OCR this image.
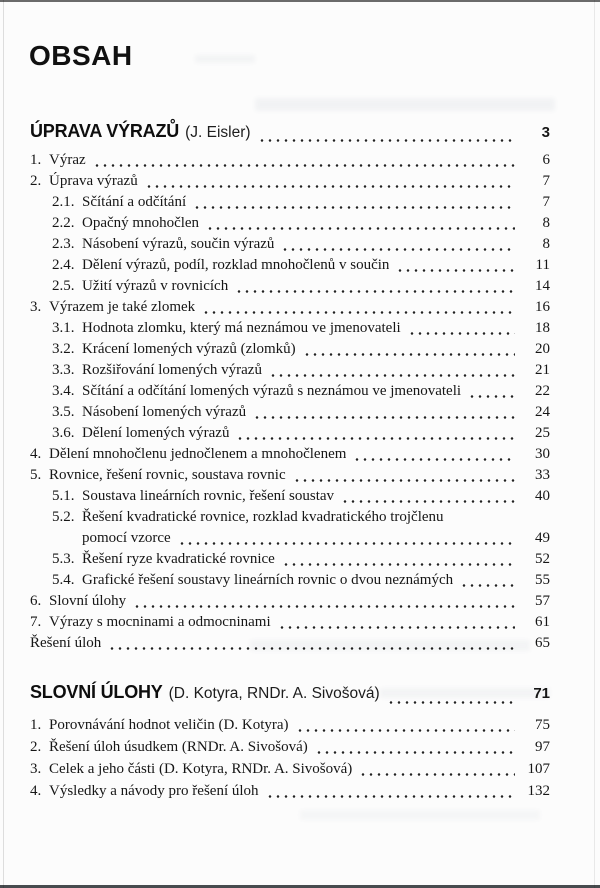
OBSAH
ÚPRAVA VÝRAZŮ (J. Eisler)	3
1. Výraz	6
2. Úprava výrazů	7
2.1. Sčítání a odčítání	7
2.2. Opačný mnohočlen	8
2.3. Násobení výrazů, součin výrazů	8
2.4. Dělení výrazů, podíl, rozklad mnohočlenů v součin	11
2.5. Užití výrazů v rovnicích	14
3. Výrazem je také zlomek	16
3.1. Hodnota zlomku, který má neznámou ve jmenovateli	18
3.2. Krácení lomených výrazů (zlomků)	20
3.3. Rozšiřování lomených výrazů	21
3.4. Sčítání a odčítání lomených výrazů s neznámou ve jmenovateli	22
3.5. Násobení lomených výrazů	24
3.6. Dělení lomených výrazů	25
4. Dělení mnohočlenu jednočlenem a mnohočlenem	30
5. Rovnice, řešení rovnic, soustava rovnic	33
5.1. Soustava lineárních rovnic, řešení soustav	40
5.2. Řešení kvadratické rovnice, rozklad kvadratického trojčlenu
pomocí vzorce	49
5.3. Řešení ryze kvadratické rovnice	52
5.4. Grafické řešení soustavy lineárních rovnic o dvou neznámých	55
6. Slovní úlohy	57
7. Výrazy s mocninami a odmocninami	61
Řešení úloh	65
SLOVNÍ ÚLOHY (D. Kotyra, RNDr. A. Sivošová)	71
1. Porovnávání hodnot veličin (D. Kotyra)	75
2. Řešení úloh úsudkem (RNDr. A. Sivošová)	97
3. Celek a jeho části (D. Kotyra, RNDr. A. Sivošová)	107
4. Výsledky a návody pro řešení úloh	132
